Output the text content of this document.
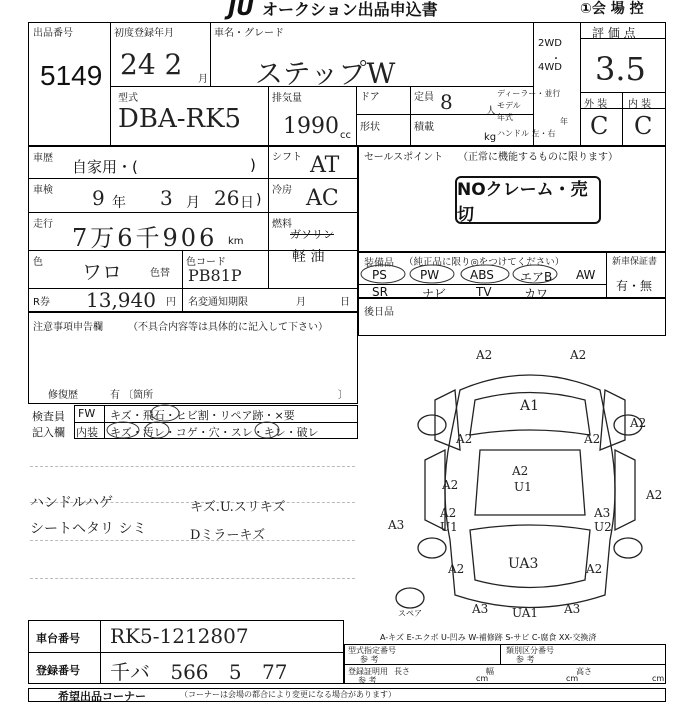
JU オークション出品申込書	①会 場 控
出品番号
5149
初度登録年月
24 2 月
車名・グレード
ステップW
2WD
・
4WD
評 価 点
3.5
型式
DBA-RK5
排気量
1990 cc
ドア	定員 8	人
形状	積載
kg
ディーラー・並行
モデル
年式	年
ハンドル 左・右
外 装 内 装
C C
車歴 自家用・(	) シフト AT
車検 9 年 3 月 26 日 )
冷房 AC
走行 7万6千906 km
燃料
ガソリン
軽 油
色 ワロ	色替
色コード
PB81P
R券 13,940 円 名変通知期限	月	日
セールスポイント （正常に機能するものに限ります）
NOクレーム・売切
装備品 （純正品に限り◎をつけてください）	新車保証書
有・無
PS	PW	ABS エアB AW
SR	ナビ TV	カワ
後日品
注意事項申告欄	（不具合内容等は具体的に記入して下さい）
修復歴	有 〔箇所	〕
検査員
記入欄
FW キズ・飛石・ヒビ割・リペア跡・×要
内装 キズ・汚レ・コゲ・穴・スレ・キレ・破レ
ハンドルハゲ
シートヘタリ シミ
キズ.U.スリキズ
Dミラーキズ
A2	A2
A1
A2	A2
A2
A2
A2
A2
U1
A2
A3	U1
A3
U2
A2	UA3	A2
A3 UA1 A3
スペア
A-キズ E-エクボ U-凹み W-補修跡 S-サビ C-腐食 XX-交換済
車台番号 RK5-1212807
登録番号 千バ 566 5 77
型式指定番号
参 考
類別区分番号
参 考
登録証明用
参 考
長さ
cm
幅
cm
高さ
cm
希望出品コーナー	（コーナーは会場の都合により変更になる場合があります）
